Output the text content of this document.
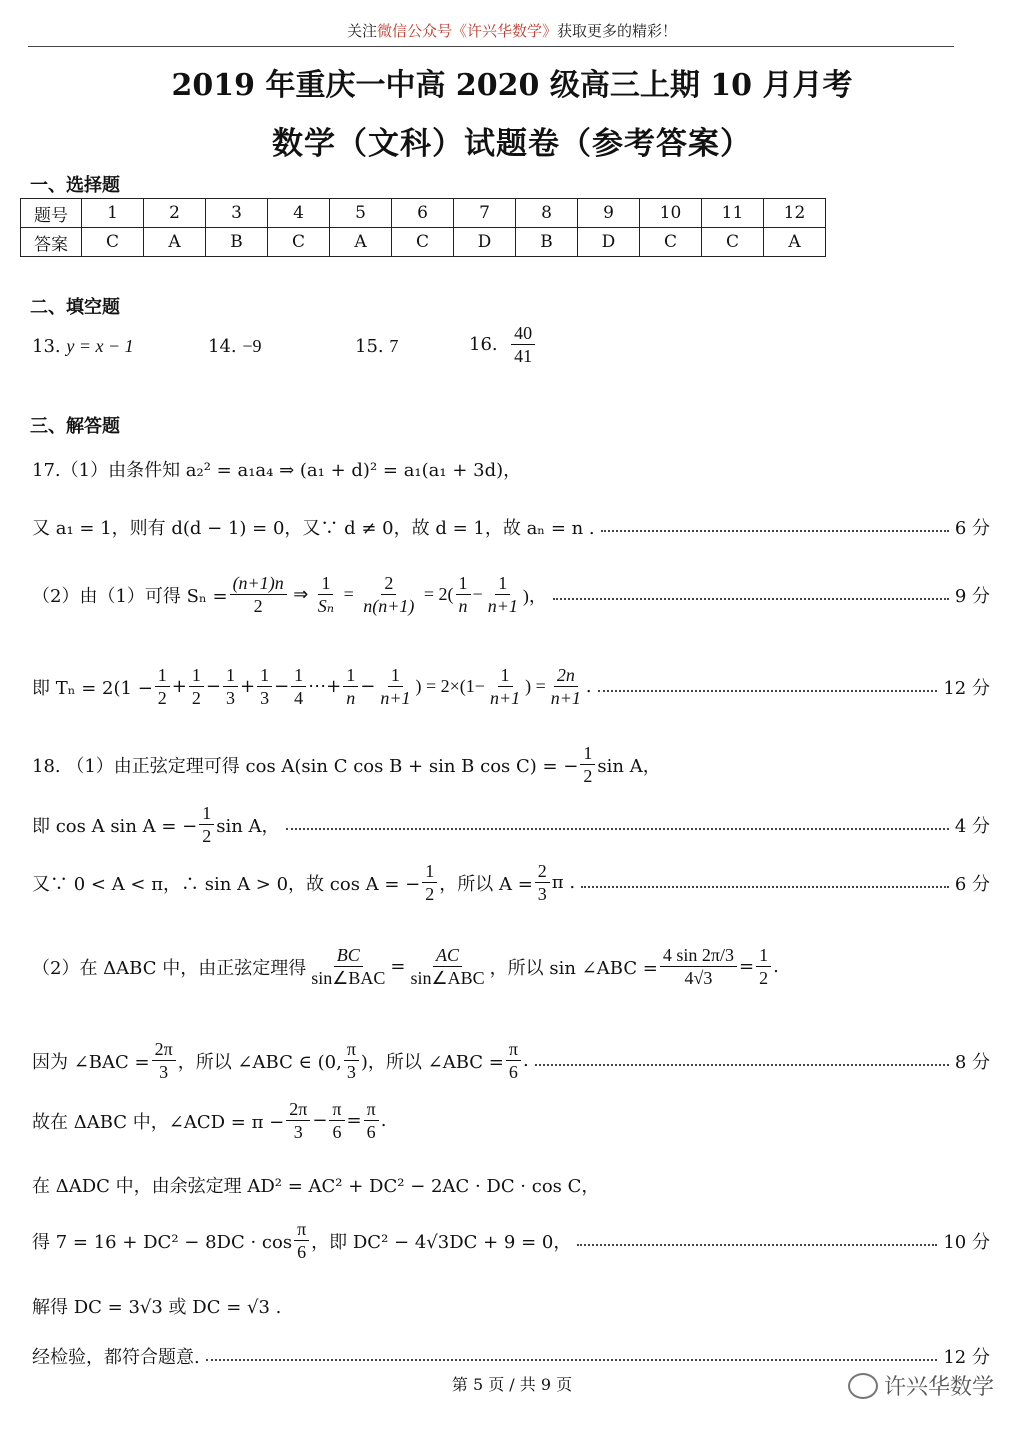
关注微信公众号《许兴华数学》获取更多的精彩！
2019 年重庆一中高 2020 级高三上期 10 月月考
数学（文科）试题卷（参考答案）
一、选择题
题号	1	2	3	4	5	6	7	8	9	10	11	12
答案	C	A	B	C	A	C	D	B	D	C	C	A
二、填空题
13. y = x − 1	14. −9	15. 7	16.
$\frac{40}{41}$
三、解答题
17.（1）由条件知 a₂² = a₁a₄ ⇒ (a₁ + d)² = a₁(a₁ + 3d)，
又 a₁ = 1，则有 d(d − 1) = 0，又∵ d ≠ 0，故 d = 1，故 aₙ = n .	6 分
（2）由（1）可得 $S_n = \frac{(n+1)n}{2}$ ⇒ $\frac{1}{\text{Sₙ}} = \frac{2}{n(n+1)} = 2( \frac{1}{n} - \frac{1}{n+1}$ )，	9 分
即 $T_n = 2(1 - \frac{1}{2} + \frac{1}{2} - \frac{1}{3} + \frac{1}{3} - \frac{1}{4}$ ⋯+ $\frac{1}{n} - \frac{1}{n+1}$ ) = $2\times(1- \frac{1}{n+1}$ ) = $\frac{2n}{n+1}$ .	12 分
18. （1）由正弦定理可得 cos A(sin C cos B + sin B cos C) = − $\frac{1}{2}$ sin A，
即 cos A sin A = − $\frac{1}{2}$ sin A，	4 分
又∵ 0 < A < π，∴ sin A > 0，故 cos A = − $\frac{1}{2}$ ，所以 $A = \frac{2}{3}$ π .	6 分
（2）在 ΔABC 中，由正弦定理得 $\frac{BC}{\text{sin∠BAC}} = \frac{AC}{\text{sin∠ABC}}$ ，所以 sin ∠ABC = $\frac{4 \sin 2\pi/3}{4√3} = \frac{1}{2}$ .
因为 ∠BAC = $\frac{2\pi}{3}$ ，所以 ∠ABC ∈ (0, $\frac{\pi}{3}$ )，所以 ∠ABC = $\frac{\pi}{6}$ .	8 分
故在 ΔABC 中，∠ACD = $\pi - \frac{2\pi}{3} - \frac{\pi}{6} = \frac{\pi}{6}$ .
在 ΔADC 中，由余弦定理 AD² = AC² + DC² − 2AC · DC · cos C，
得 $7 = 16 + DC^2 - 8DC \cdot \cos \frac{\pi}{6}$ ，即 DC² − 4√3DC + 9 = 0，	10 分
解得 DC = 3√3 或 DC = √3 .
经检验，都符合题意.	12 分
第 5 页 / 共 9 页	许兴华数学
